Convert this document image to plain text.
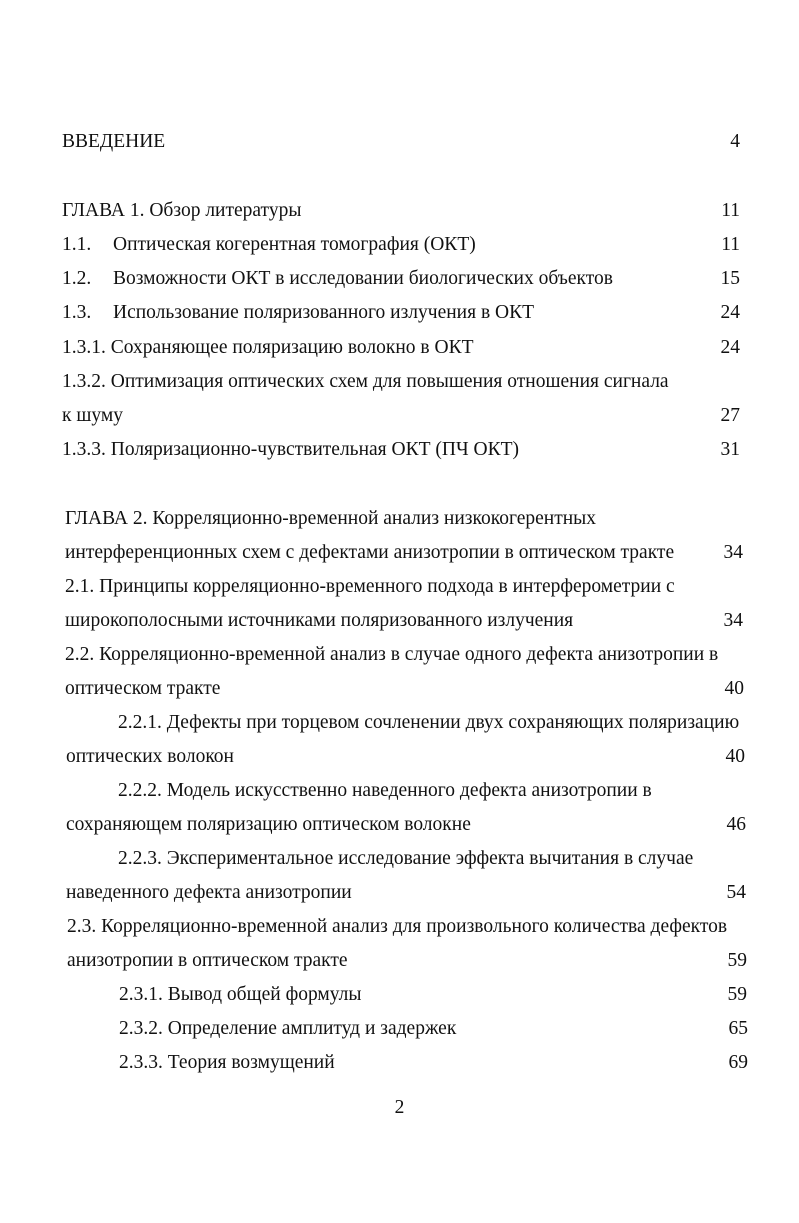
ВВЕДЕНИЕ	4
ГЛАВА 1. Обзор литературы	11
1.1. Оптическая когерентная томография (ОКТ)	11
1.2. Возможности ОКТ в исследовании биологических объектов	15
1.3. Использование поляризованного излучения в ОКТ	24
1.3.1. Сохраняющее поляризацию волокно в ОКТ	24
1.3.2. Оптимизация оптических схем для повышения отношения сигнала
к шуму	27
1.3.3. Поляризационно-чувствительная ОКТ (ПЧ ОКТ)	31
ГЛАВА 2. Корреляционно-временной анализ низкокогерентных
интерференционных схем с дефектами анизотропии в оптическом тракте	34
2.1. Принципы корреляционно-временного подхода в интерферометрии с
широкополосными источниками поляризованного излучения	34
2.2. Корреляционно-временной анализ в случае одного дефекта анизотропии в
оптическом тракте	40
2.2.1. Дефекты при торцевом сочленении двух сохраняющих поляризацию
оптических волокон	40
2.2.2. Модель искусственно наведенного дефекта анизотропии в
сохраняющем поляризацию оптическом волокне	46
2.2.3. Экспериментальное исследование эффекта вычитания в случае
наведенного дефекта анизотропии	54
2.3. Корреляционно-временной анализ для произвольного количества дефектов
анизотропии в оптическом тракте	59
2.3.1. Вывод общей формулы	59
2.3.2. Определение амплитуд и задержек	65
2.3.3. Теория возмущений	69
2
